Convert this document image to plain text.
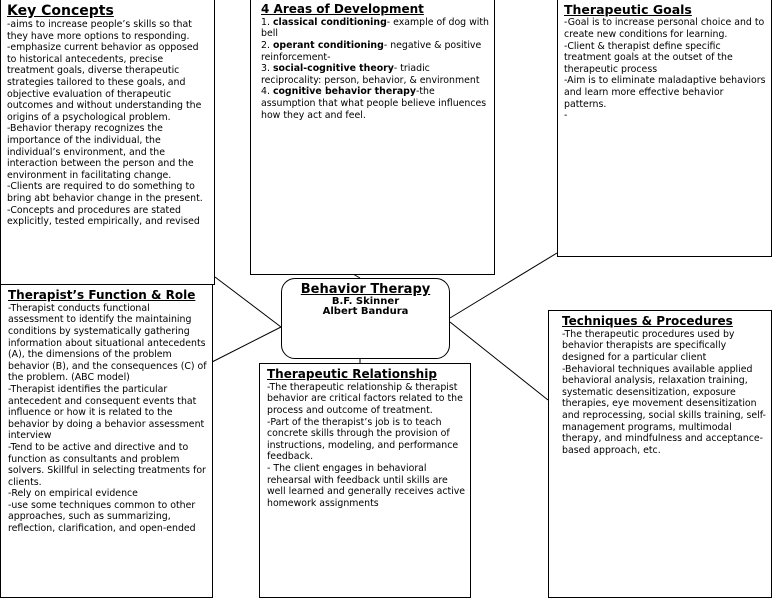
Key Concepts

-aims to increase people’s skills so that they have more options to responding.
-emphasize current behavior as opposed to historical antecedents, precise treatment goals, diverse therapeutic strategies tailored to these goals, and objective evaluation of therapeutic outcomes and without understanding the origins of a psychological problem.
-Behavior therapy recognizes the importance of the individual, the individual’s environment, and the interaction between the person and the environment in facilitating change.
-Clients are required to do something to bring abt behavior change in the present.
-Concepts and procedures are stated explicitly, tested empirically, and revised

4 Areas of Development
1. classical conditioning- example of dog with bell
2. operant conditioning- negative & positive reinforcement-
3. social-cognitive theory- triadic reciprocality: person, behavior, & environment
4. cognitive behavior therapy-the assumption that what people believe influences how they act and feel.
Therapeutic Goals

-Goal is to increase personal choice and to create new conditions for learning.
-Client & therapist define specific treatment goals at the outset of the therapeutic process
-Aim is to eliminate maladaptive behaviors and learn more effective behavior patterns.
-

Behavior Therapy
B.F. Skinner
Albert Bandura
Therapist’s Function & Role

-Therapist conducts functional assessment to identify the maintaining conditions by systematically gathering information about situational antecedents (A), the dimensions of the problem behavior (B), and the consequences (C) of the problem. (ABC model)
-Therapist identifies the particular antecedent and consequent events that influence or how it is related to the behavior by doing a behavior assessment interview
-Tend to be active and directive and to function as consultants and problem solvers. Skillful in selecting treatments for clients.
-Rely on empirical evidence
-use some techniques common to other approaches, such as summarizing, reflection, clarification, and open-ended

Therapeutic Relationship

-The therapeutic relationship & therapist behavior are critical factors related to the process and outcome of treatment.
-Part of the therapist’s job is to teach concrete skills through the provision of instructions, modeling, and performance feedback.
- The client engages in behavioral rehearsal with feedback until skills are well learned and generally receives active homework assignments

Techniques & Procedures

-The therapeutic procedures used by behavior therapists are specifically designed for a particular client
-Behavioral techniques available applied behavioral analysis, relaxation training, systematic desensitization, exposure therapies, eye movement desensitization and reprocessing, social skills training, self-management programs, multimodal therapy, and mindfulness and acceptance-based approach, etc.
